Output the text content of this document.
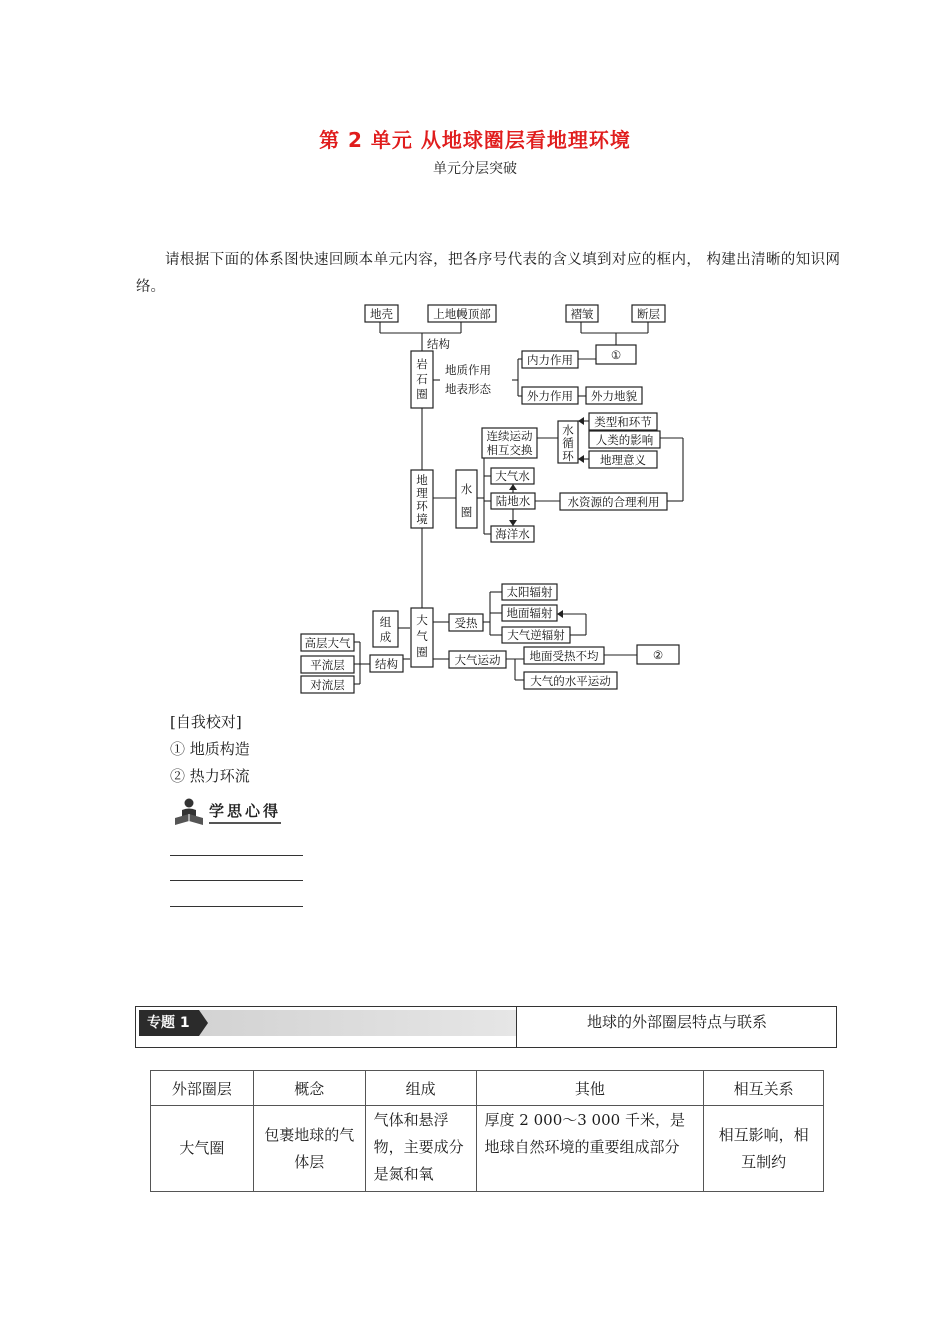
第 2 单元 从地球圈层看地理环境
单元分层突破
请根据下面的体系图快速回顾本单元内容，把各序号代表的含义填到对应的框内， 构建出清晰的知识网络。
地壳	上地幔顶部	褶皱	断层
结构
岩
石
圈
地质作用
地表形态
内力作用	①
外力作用 外力地貌
连续运动
相互交换
水
循
环
类型和环节
人类的影响
地理意义
地
理
环
境
水
圈
大气水
陆地水
海洋水
水资源的合理利用
太阳辐射
地面辐射
大气逆辐射
组
成
大
气
圈
受热
高层大气
平流层
对流层
结构	大气运动	地面受热不均	②
大气的水平运动
[自我校对]
① 地质构造
② 热力环流
学思心得
专题 1	地球的外部圈层特点与联系
外部圈层	概念	组成	其他	相互关系
大气圈	包裹地球的气体层	气体和悬浮物，主要成分是氮和氧	厚度 2 000～3 000 千米，是地球自然环境的重要组成部分	相互影响，相互制约
